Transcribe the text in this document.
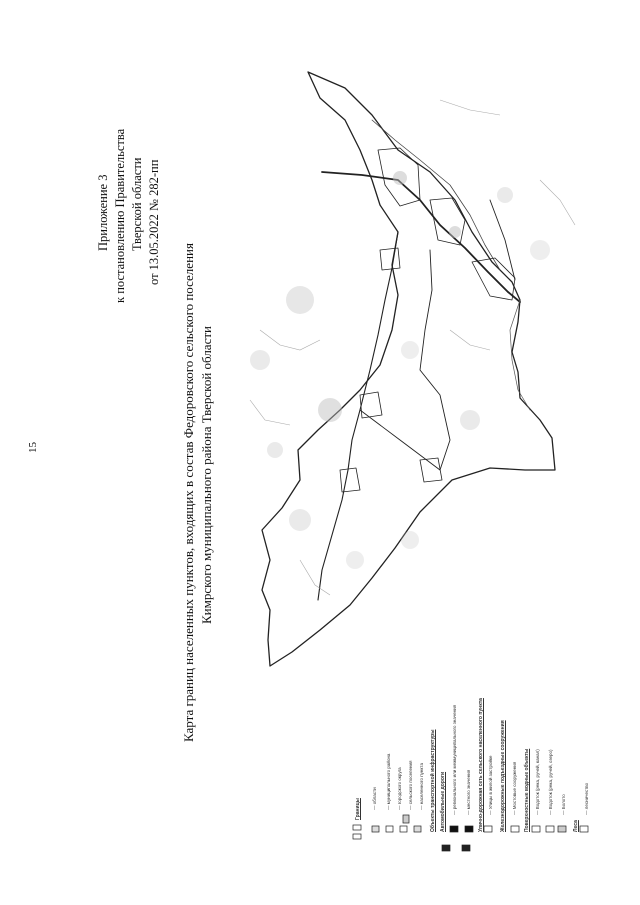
15
Приложение 3 к постановлению Правительства Тверской области от 13.05.2022 № 282-пп
Карта границ населенных пунктов, входящих в состав Федоровского сельского поселения Кимрского муниципального района Тверской области
Границы — области — муниципального района — городского округа — сельского поселения — населенного пункта Объекты транспортной инфраструктуры Автомобильные дороги — регионального или межмуниципального значения — местного значения Улично-дорожная сеть сельского населенного пункта — Улицы в жилой застройке Железнодорожные подъездные сооружения — Мостовые сооружения Поверхностные водные объекты — Водоток (река, ручей, канал) — Водоток (река, ручей, озеро) — Болото
Леса
— лесничество
